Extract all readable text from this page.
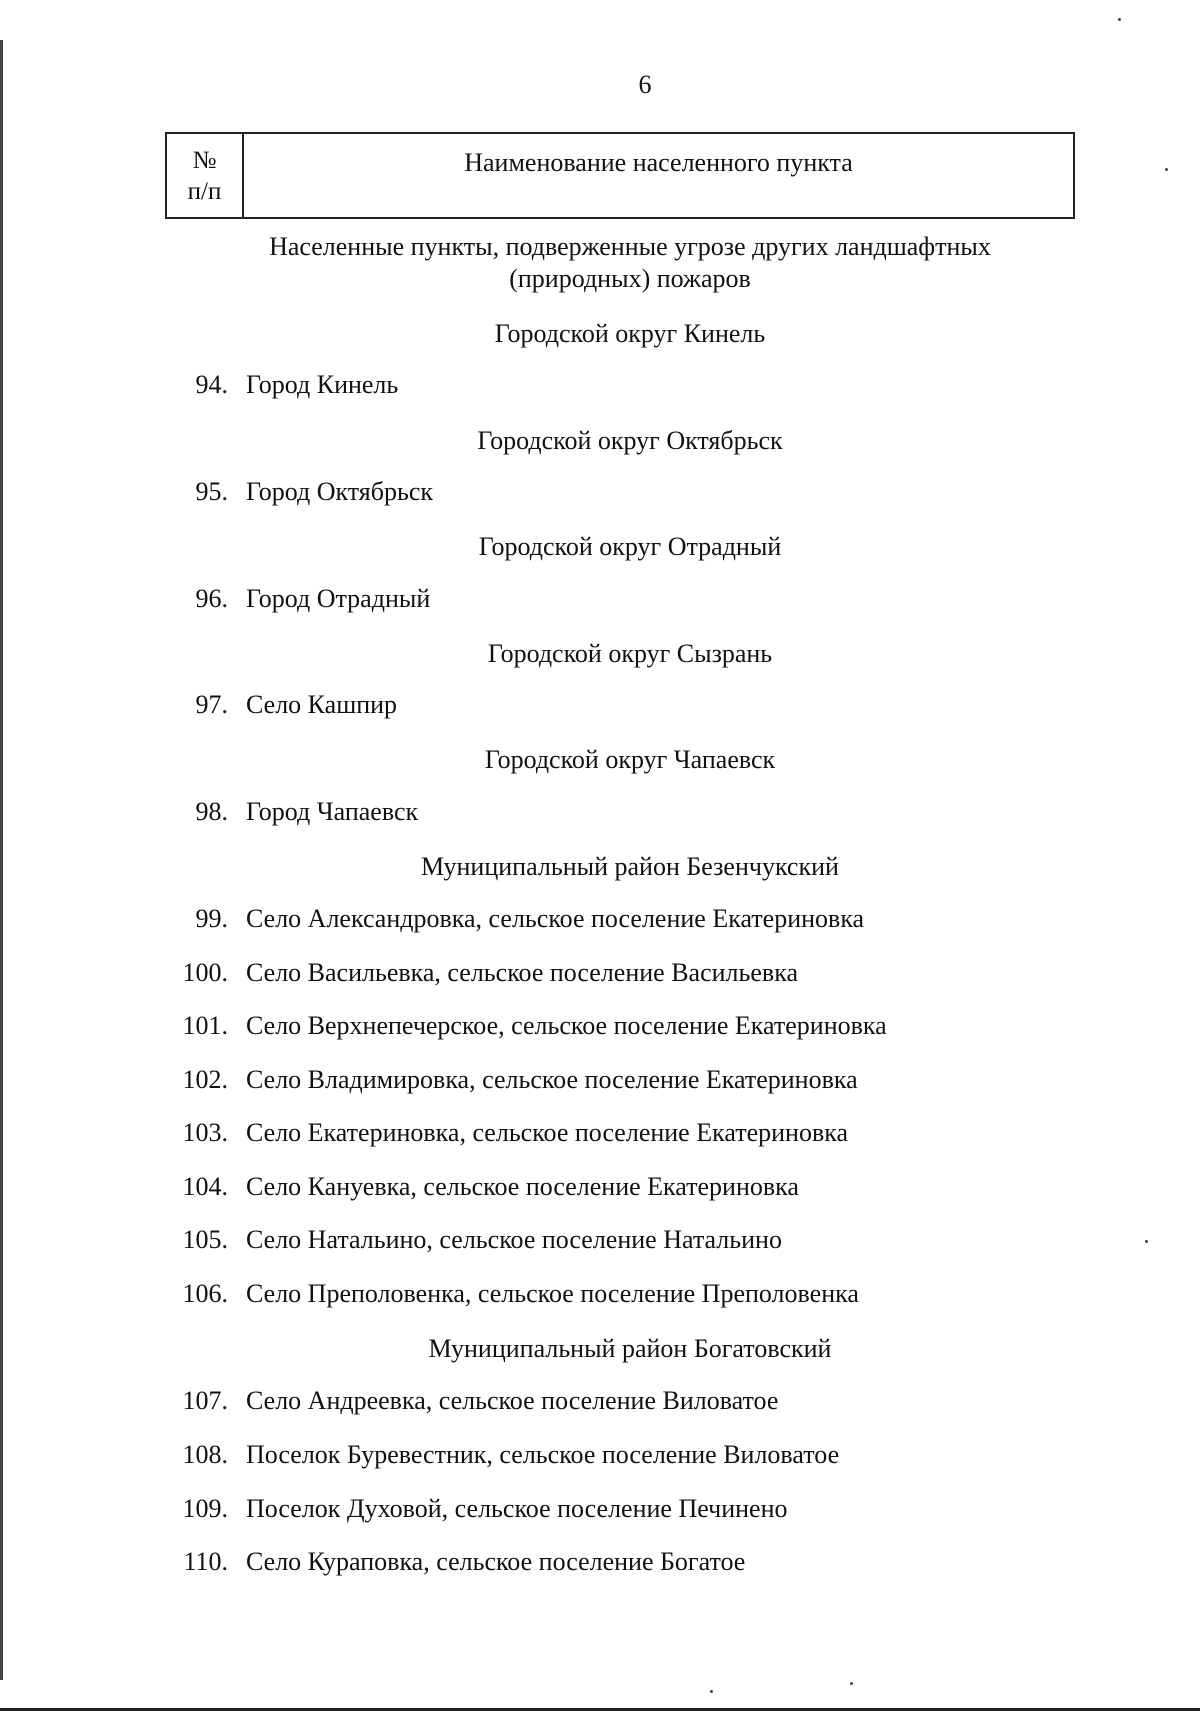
6
№
п/п
Наименование населенного пункта
Населенные пункты, подверженные угрозе других ландшафтных
(природных) пожаров
Городской округ Кинель
94. Город Кинель
Городской округ Октябрьск
95. Город Октябрьск
Городской округ Отрадный
96. Город Отрадный
Городской округ Сызрань
97. Село Кашпир
Городской округ Чапаевск
98. Город Чапаевск
Муниципальный район Безенчукский
99. Село Александровка, сельское поселение Екатериновка
100. Село Васильевка, сельское поселение Васильевка
101. Село Верхнепечерское, сельское поселение Екатериновка
102. Село Владимировка, сельское поселение Екатериновка
103. Село Екатериновка, сельское поселение Екатериновка
104. Село Кануевка, сельское поселение Екатериновка
105. Село Натальино, сельское поселение Натальино
106. Село Преполовенка, сельское поселение Преполовенка
Муниципальный район Богатовский
107. Село Андреевка, сельское поселение Виловатое
108. Поселок Буревестник, сельское поселение Виловатое
109. Поселок Духовой, сельское поселение Печинено
110. Село Кураповка, сельское поселение Богатое
